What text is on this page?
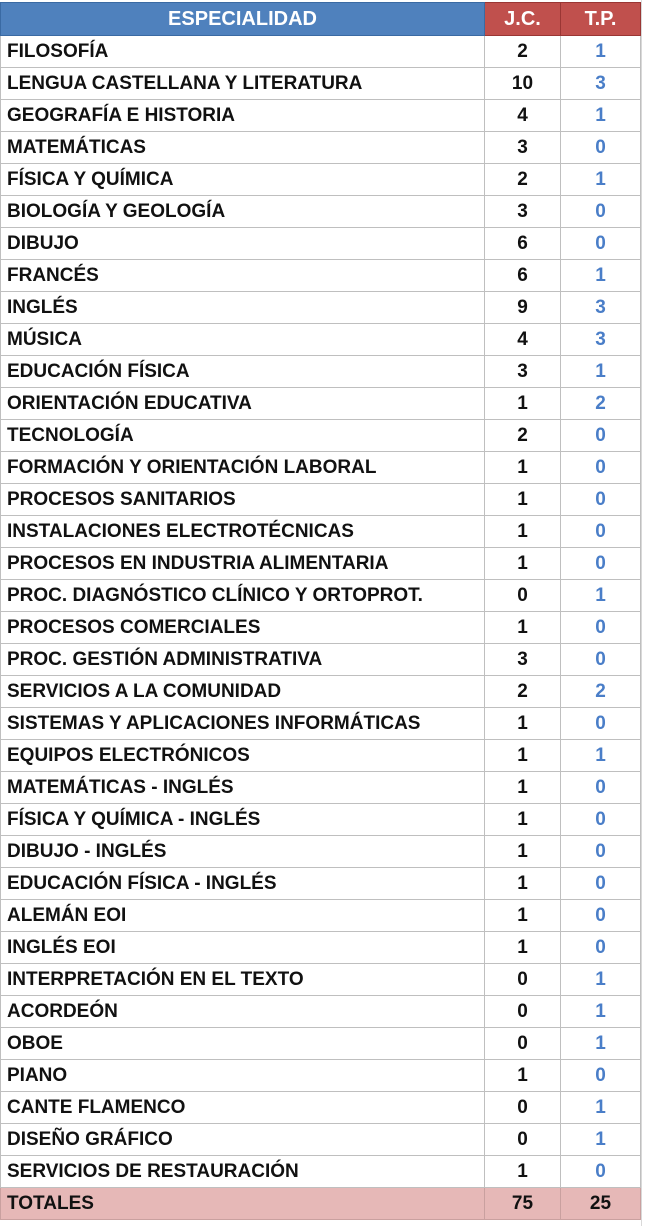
ESPECIALIDAD	J.C.	T.P.
FILOSOFÍA	2	1
LENGUA CASTELLANA Y LITERATURA	10	3
GEOGRAFÍA E HISTORIA	4	1
MATEMÁTICAS	3	0
FÍSICA Y QUÍMICA	2	1
BIOLOGÍA Y GEOLOGÍA	3	0
DIBUJO	6	0
FRANCÉS	6	1
INGLÉS	9	3
MÚSICA	4	3
EDUCACIÓN FÍSICA	3	1
ORIENTACIÓN EDUCATIVA	1	2
TECNOLOGÍA	2	0
FORMACIÓN Y ORIENTACIÓN LABORAL	1	0
PROCESOS SANITARIOS	1	0
INSTALACIONES ELECTROTÉCNICAS	1	0
PROCESOS EN INDUSTRIA ALIMENTARIA	1	0
PROC. DIAGNÓSTICO CLÍNICO Y ORTOPROT.	0	1
PROCESOS COMERCIALES	1	0
PROC. GESTIÓN ADMINISTRATIVA	3	0
SERVICIOS A LA COMUNIDAD	2	2
SISTEMAS Y APLICACIONES INFORMÁTICAS	1	0
EQUIPOS ELECTRÓNICOS	1	1
MATEMÁTICAS - INGLÉS	1	0
FÍSICA Y QUÍMICA - INGLÉS	1	0
DIBUJO - INGLÉS	1	0
EDUCACIÓN FÍSICA - INGLÉS	1	0
ALEMÁN EOI	1	0
INGLÉS EOI	1	0
INTERPRETACIÓN EN EL TEXTO	0	1
ACORDEÓN	0	1
OBOE	0	1
PIANO	1	0
CANTE FLAMENCO	0	1
DISEÑO GRÁFICO	0	1
SERVICIOS DE RESTAURACIÓN	1	0
TOTALES	75	25
